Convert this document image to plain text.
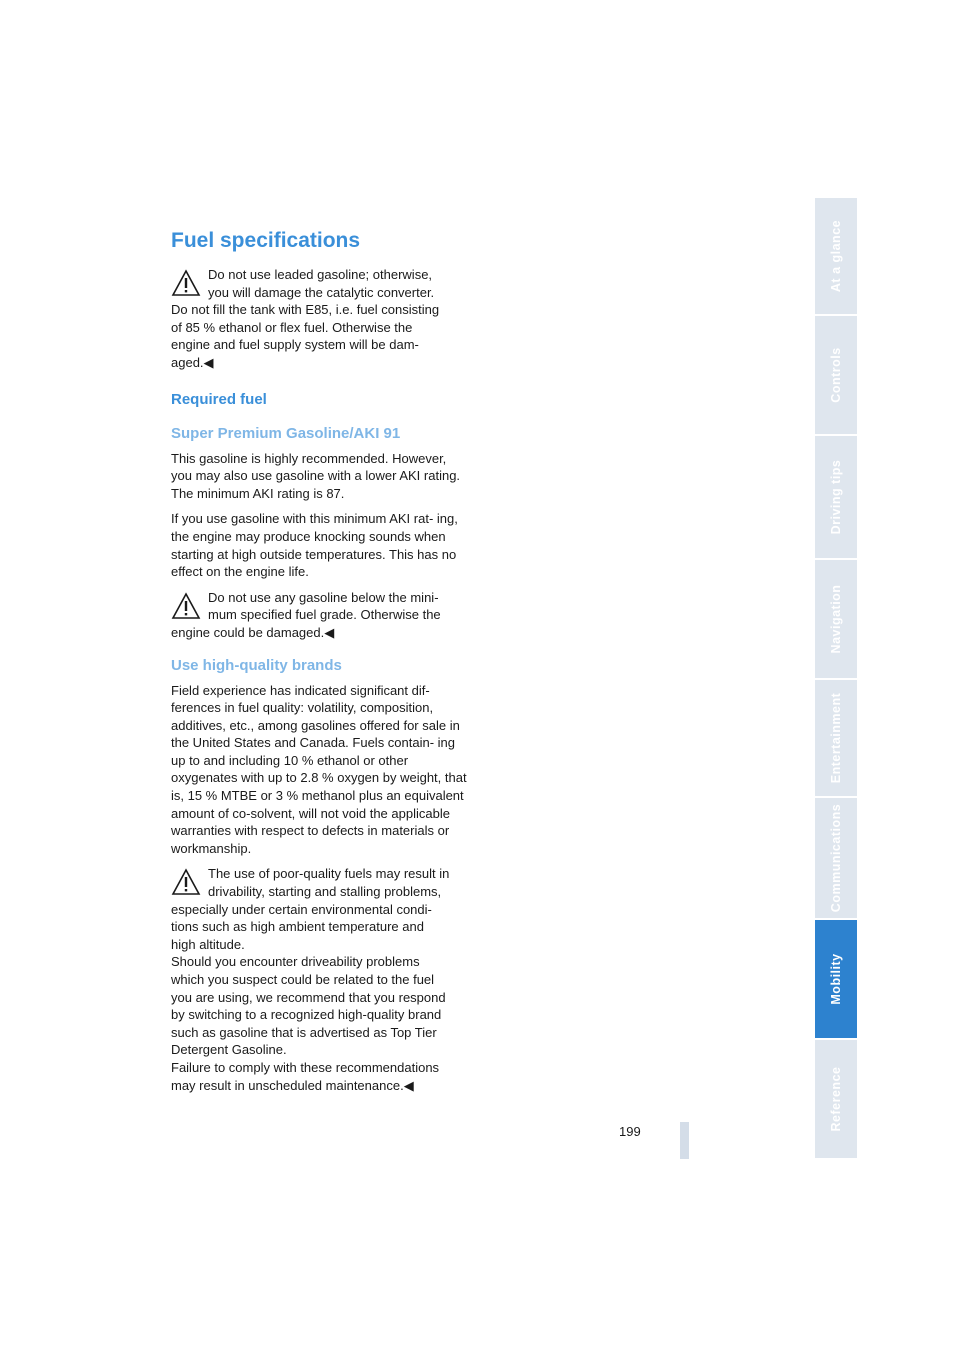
Fuel specifications
Do not use leaded gasoline; otherwise,
you will damage the catalytic converter.
Do not fill the tank with E85, i.e. fuel consisting
of 85 % ethanol or flex fuel. Otherwise the
engine and fuel supply system will be dam-
aged.◀
Required fuel
Super Premium Gasoline/AKI 91

This gasoline is highly recommended. However, you may also use gasoline with a lower AKI rating. The minimum AKI rating is 87.

If you use gasoline with this minimum AKI rat- ing, the engine may produce knocking sounds when starting at high outside temperatures. This has no effect on the engine life.

Do not use any gasoline below the mini-
mum specified fuel grade. Otherwise the
engine could be damaged.◀
Use high-quality brands

Field experience has indicated significant dif- ferences in fuel quality: volatility, composition, additives, etc., among gasolines offered for sale in the United States and Canada. Fuels contain- ing up to and including 10 % ethanol or other oxygenates with up to 2.8 % oxygen by weight, that is, 15 % MTBE or 3 % methanol plus an equivalent amount of co-solvent, will not void the applicable warranties with respect to defects in materials or workmanship.

The use of poor-quality fuels may result in
drivability, starting and stalling problems,
especially under certain environmental condi-
tions such as high ambient temperature and
high altitude.
Should you encounter driveability problems
which you suspect could be related to the fuel
you are using, we recommend that you respond
by switching to a recognized high-quality brand
such as gasoline that is advertised as Top Tier
Detergent Gasoline.
Failure to comply with these recommendations
may result in unscheduled maintenance.◀
199
At a glance
Controls
Driving tips
Navigation
Entertainment
Communications
Mobility
Reference
